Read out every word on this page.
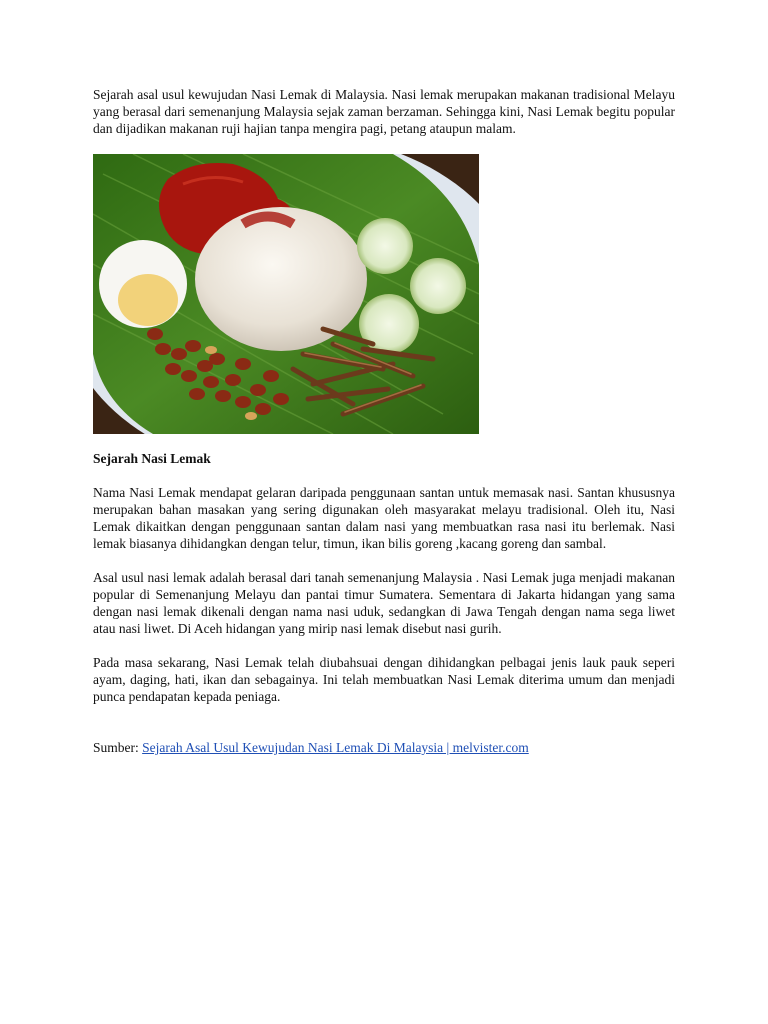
Sejarah asal usul kewujudan Nasi Lemak di Malaysia. Nasi lemak merupakan makanan tradisional Melayu yang berasal dari semenanjung Malaysia sejak zaman berzaman. Sehingga kini, Nasi Lemak begitu popular dan dijadikan makanan ruji hajian tanpa mengira pagi, petang ataupun malam.

Sejarah Nasi Lemak

Nama Nasi Lemak mendapat gelaran daripada penggunaan santan untuk memasak nasi. Santan khususnya merupakan bahan masakan yang sering digunakan oleh masyarakat melayu tradisional. Oleh itu, Nasi Lemak dikaitkan dengan penggunaan santan dalam nasi yang membuatkan rasa nasi itu berlemak. Nasi lemak biasanya dihidangkan dengan telur, timun, ikan bilis goreng ,kacang goreng dan sambal.

Asal usul nasi lemak adalah berasal dari tanah semenanjung Malaysia . Nasi Lemak juga menjadi makanan popular di Semenanjung Melayu dan pantai timur Sumatera. Sementara di Jakarta hidangan yang sama dengan nasi lemak dikenali dengan nama nasi uduk, sedangkan di Jawa Tengah dengan nama sega liwet atau nasi liwet. Di Aceh hidangan yang mirip nasi lemak disebut nasi gurih.

Pada masa sekarang, Nasi Lemak telah diubahsuai dengan dihidangkan pelbagai jenis lauk pauk seperi ayam, daging, hati, ikan dan sebagainya. Ini telah membuatkan Nasi Lemak diterima umum dan menjadi punca pendapatan kepada peniaga.

Sumber: Sejarah Asal Usul Kewujudan Nasi Lemak Di Malaysia | melvister.com
